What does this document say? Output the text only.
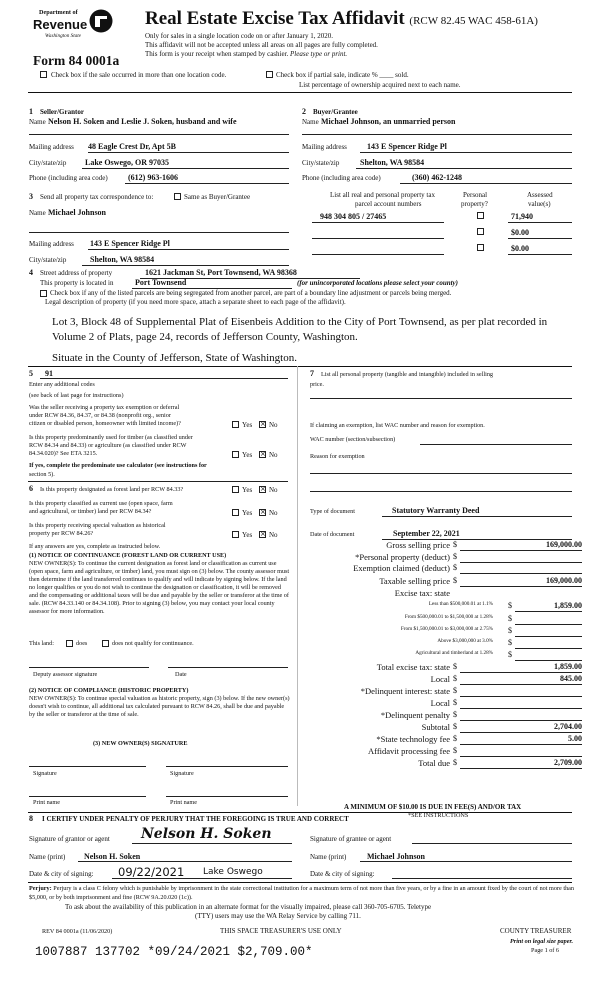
Department of
Revenue
Washington State
Real Estate Excise Tax Affidavit (RCW 82.45 WAC 458-61A)
Only for sales in a single location code on or after January 1, 2020.
This affidavit will not be accepted unless all areas on all pages are fully completed.
This form is your receipt when stamped by cashier. Please type or print.
Form 84 0001a
Check box if the sale occurred in more than one location code.	Check box if partial sale, indicate % ____ sold.
List percentage of ownership acquired next to each name.
1 Seller/Grantor
Name Nelson H. Soken and Leslie J. Soken, husband and wife
Mailing address 48 Eagle Crest Dr, Apt 5B
City/state/zip Lake Oswego, OR 97035
Phone (including area code)	(612) 963-1606
2 Buyer/Grantee
Name Michael Johnson, an unmarried person
Mailing address	143 E Spencer Ridge Pl
City/state/zip	Shelton, WA 98584
Phone (including area code)	(360) 462-1248
3 Send all property tax correspondence to:	Same as Buyer/Grantee
Name Michael Johnson
Mailing address 143 E Spencer Ridge Pl
City/state/zip	Shelton, WA 98584
List all real and personal property tax
parcel account numbers
Personal
property?
Assessed
value(s)
948 304 805 / 27465	71,940
$0.00
$0.00
4 Street address of property	1621 Jackman St, Port Townsend, WA 98368
This property is located in	Port Townsend	(for unincorporated locations please select your county)
Check box if any of the listed parcels are being segregated from another parcel, are part of a boundary line adjustment or parcels being merged.
Legal description of property (if you need more space, attach a separate sheet to each page of the affidavit).
Lot 3, Block 48 of Supplemental Plat of Eisenbeis Addition to the City of Port Townsend, as per plat recorded in
Volume 2 of Plats, page 24, records of Jefferson County, Washington.
Situate in the County of Jefferson, State of Washington.
5 91
Enter any additional codes
(see back of last page for instructions)
Was the seller receiving a property tax exemption or deferral
under RCW 84.36, 84.37, or 84.38 (nonprofit org., senior
citizen or disabled person, homeowner with limited income)?	Yes × No
Is this property predominantly used for timber (as classified under
RCW 84.34 and 84.33) or agriculture (as classified under RCW
84.34.020)? See ETA 3215.	Yes × No
If yes, complete the predominate use calculator (see instructions for
section 5).
6 Is this property designated as forest land per RCW 84.33?	Yes × No
Is this property classified as current use (open space, farm
and agricultural, or timber) land per RCW 84.34?	Yes × No
Is this property receiving special valuation as historical
property per RCW 84.26?	Yes × No
If any answers are yes, complete as instructed below.
(1) NOTICE OF CONTINUANCE (FOREST LAND OR CURRENT USE)
NEW OWNER(S): To continue the current designation as forest land or classification as current use (open space, farm and agriculture, or timber) land, you must sign on (3) below. The county assessor must then determine if the land transferred continues to qualify and will indicate by signing below. If the land no longer qualifies or you do not wish to continue the designation or classification, it will be removed and the compensating or additional taxes will be due and payable by the seller or transferor at the time of sale. (RCW 84.33.140 or 84.34.108). Prior to signing (3) below, you may contact your local county assessor for more information.
This land:	does	does not qualify for continuance.
Deputy assessor signature	Date
(2) NOTICE OF COMPLIANCE (HISTORIC PROPERTY)
NEW OWNER(S): To continue special valuation as historic property, sign (3) below. If the new owner(s) doesn't wish to continue, all additional tax calculated pursuant to RCW 84.26, shall be due and payable by the seller or transferor at the time of sale.
(3) NEW OWNER(S) SIGNATURE
Signature	Signature
Print name	Print name
7 List all personal property (tangible and intangible) included in selling
price.
If claiming an exemption, list WAC number and reason for exemption.
WAC number (section/subsection)
Reason for exemption
Type of document	Statutory Warranty Deed
Date of document	September 22, 2021
Gross selling price $	169,000.00
*Personal property (deduct) $
Exemption claimed (deduct) $
Taxable selling price $	169,000.00
Excise tax: state
Less than $500,000.01 at 1.1% $	1,859.00
From $500,000.01 to $1,500,000 at 1.28% $
From $1,500,000.01 to $3,000,000 at 2.75% $
Above $3,000,000 at 3.0% $
Agricultural and timberland at 1.28% $
Total excise tax: state $	1,859.00
Local $	845.00
*Delinquent interest: state $
Local $
*Delinquent penalty $
Subtotal $	2,704.00
*State technology fee $	5.00
Affidavit processing fee $
Total due $	2,709.00
A MINIMUM OF $10.00 IS DUE IN FEE(S) AND/OR TAX
*SEE INSTRUCTIONS
8 I CERTIFY UNDER PENALTY OF PERJURY THAT THE FOREGOING IS TRUE AND CORRECT
Signature of grantor or agent Nelson H. Soken	Signature of grantee or agent
Name (print) Nelson H. Soken	Name (print)	Michael Johnson
Date & city of signing: 09/22/2021 Lake Oswego	Date & city of signing:
Perjury: Perjury is a class C felony which is punishable by imprisonment in the state correctional institution for a maximum term of not more than five years, or by a fine in an amount fixed by the court of not more than $5,000, or by both imprisonment and fine (RCW 9A.20.020 (1c)).
To ask about the availability of this publication in an alternate format for the visually impaired, please call 360-705-6705. Teletype
(TTY) users may use the WA Relay Service by calling 711.
REV 84 0001a (11/06/2020)	THIS SPACE TREASURER'S USE ONLY	COUNTY TREASURER
Print on legal size paper.
Page 1 of 6
1007887 137702 *09/24/2021 $2,709.00*
